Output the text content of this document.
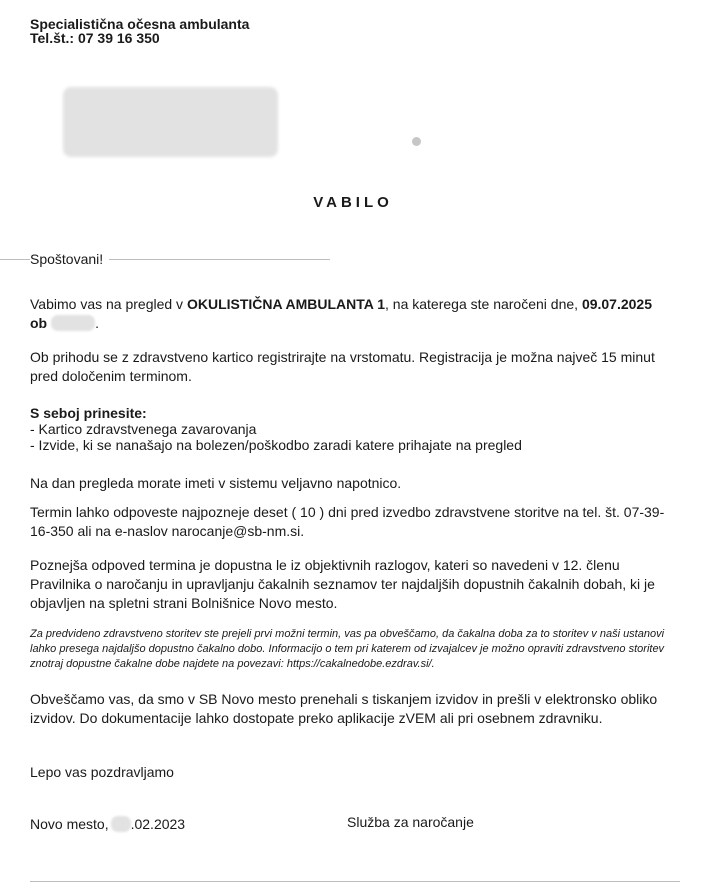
Specialistična očesna ambulanta
Tel.št.: 07 39 16 350
VABILO
Spoštovani!
Vabimo vas na pregled v OKULISTIČNA AMBULANTA 1, na katerega ste naročeni dne, 09.07.2025
ob	.
Ob prihodu se z zdravstveno kartico registrirajte na vrstomatu. Registracija je možna največ 15 minut pred določenim terminom.
S seboj prinesite:
- Kartico zdravstvenega zavarovanja
- Izvide, ki se nanašajo na bolezen/poškodbo zaradi katere prihajate na pregled
Na dan pregleda morate imeti v sistemu veljavno napotnico.
Termin lahko odpoveste najpozneje deset ( 10 ) dni pred izvedbo zdravstvene storitve na tel. št. 07-39-16-350 ali na e-naslov narocanje@sb-nm.si.
Poznejša odpoved termina je dopustna le iz objektivnih razlogov, kateri so navedeni v 12. členu Pravilnika o naročanju in upravljanju čakalnih seznamov ter najdaljših dopustnih čakalnih dobah, ki je objavljen na spletni strani Bolnišnice Novo mesto.
Za predvideno zdravstveno storitev ste prejeli prvi možni termin, vas pa obveščamo, da čakalna doba za to storitev v naši ustanovi lahko presega najdaljšo dopustno čakalno dobo. Informacijo o tem pri katerem od izvajalcev je možno opraviti zdravstveno storitev znotraj dopustne čakalne dobe najdete na povezavi: https://cakalnedobe.ezdrav.si/.
Obveščamo vas, da smo v SB Novo mesto prenehali s tiskanjem izvidov in prešli v elektronsko obliko izvidov. Do dokumentacije lahko dostopate preko aplikacije zVEM ali pri osebnem zdravniku.
Lepo vas pozdravljamo
Novo mesto, .02.2023	Služba za naročanje
